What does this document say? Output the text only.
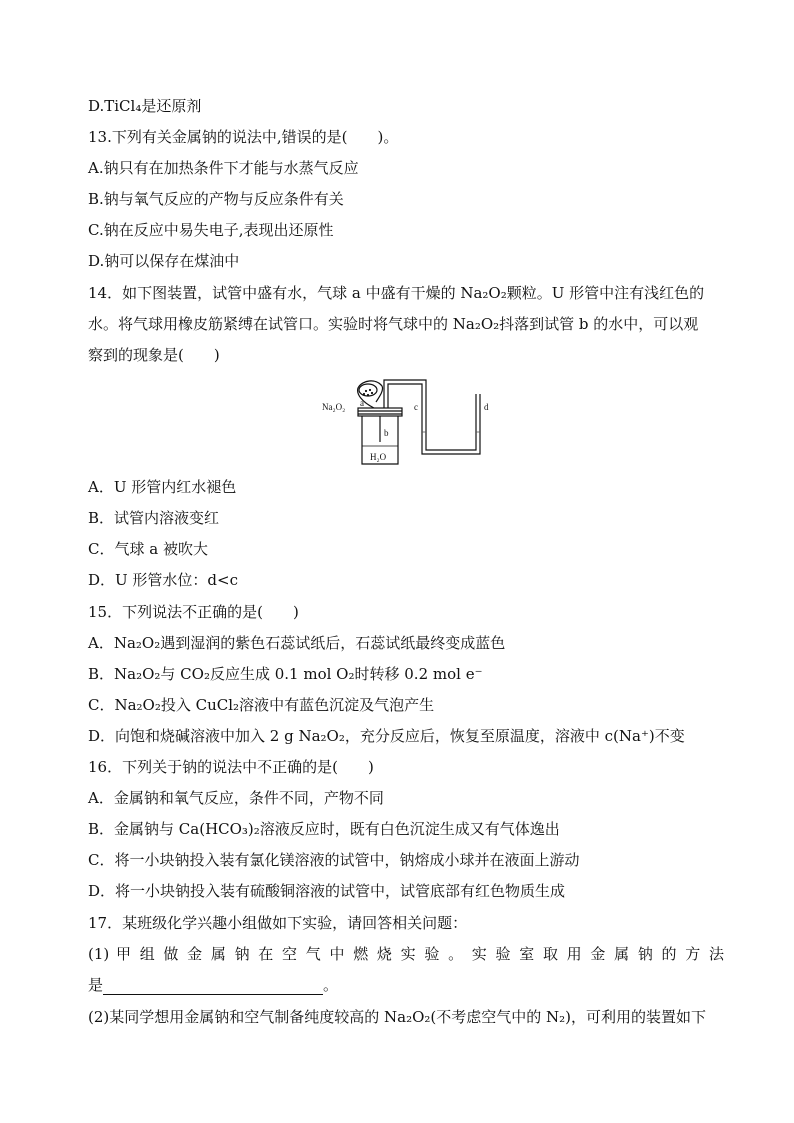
D.TiCl₄是还原剂
13.下列有关金属钠的说法中,错误的是(　　)。
A.钠只有在加热条件下才能与水蒸气反应
B.钠与氧气反应的产物与反应条件有关
C.钠在反应中易失电子,表现出还原性
D.钠可以保存在煤油中
14．如下图装置，试管中盛有水，气球 a 中盛有干燥的 Na₂O₂颗粒。U 形管中注有浅红色的
水。将气球用橡皮筋紧缚在试管口。实验时将气球中的 Na₂O₂抖落到试管 b 的水中，可以观
察到的现象是(　　)
Na₂O₂ a
b
c	d
H₂O
A．U 形管内红水褪色
B．试管内溶液变红
C．气球 a 被吹大
D．U 形管水位：d<c
15．下列说法不正确的是(　　)
A．Na₂O₂遇到湿润的紫色石蕊试纸后，石蕊试纸最终变成蓝色
B．Na₂O₂与 CO₂反应生成 0.1 mol O₂时转移 0.2 mol e⁻
C．Na₂O₂投入 CuCl₂溶液中有蓝色沉淀及气泡产生
D．向饱和烧碱溶液中加入 2 g Na₂O₂，充分反应后，恢复至原温度，溶液中 c(Na⁺)不变
16．下列关于钠的说法中不正确的是(　　)
A．金属钠和氧气反应，条件不同，产物不同
B．金属钠与 Ca(HCO₃)₂溶液反应时，既有白色沉淀生成又有气体逸出
C．将一小块钠投入装有氯化镁溶液的试管中，钠熔成小球并在液面上游动
D．将一小块钠投入装有硫酸铜溶液的试管中，试管底部有红色物质生成
17．某班级化学兴趣小组做如下实验，请回答相关问题：
(1) 甲 组 做 金 属 钠 在 空 气 中 燃 烧 实 验 。 实 验 室 取 用 金 属 钠 的 方 法
是	。
(2)某同学想用金属钠和空气制备纯度较高的 Na₂O₂(不考虑空气中的 N₂)，可利用的装置如下
